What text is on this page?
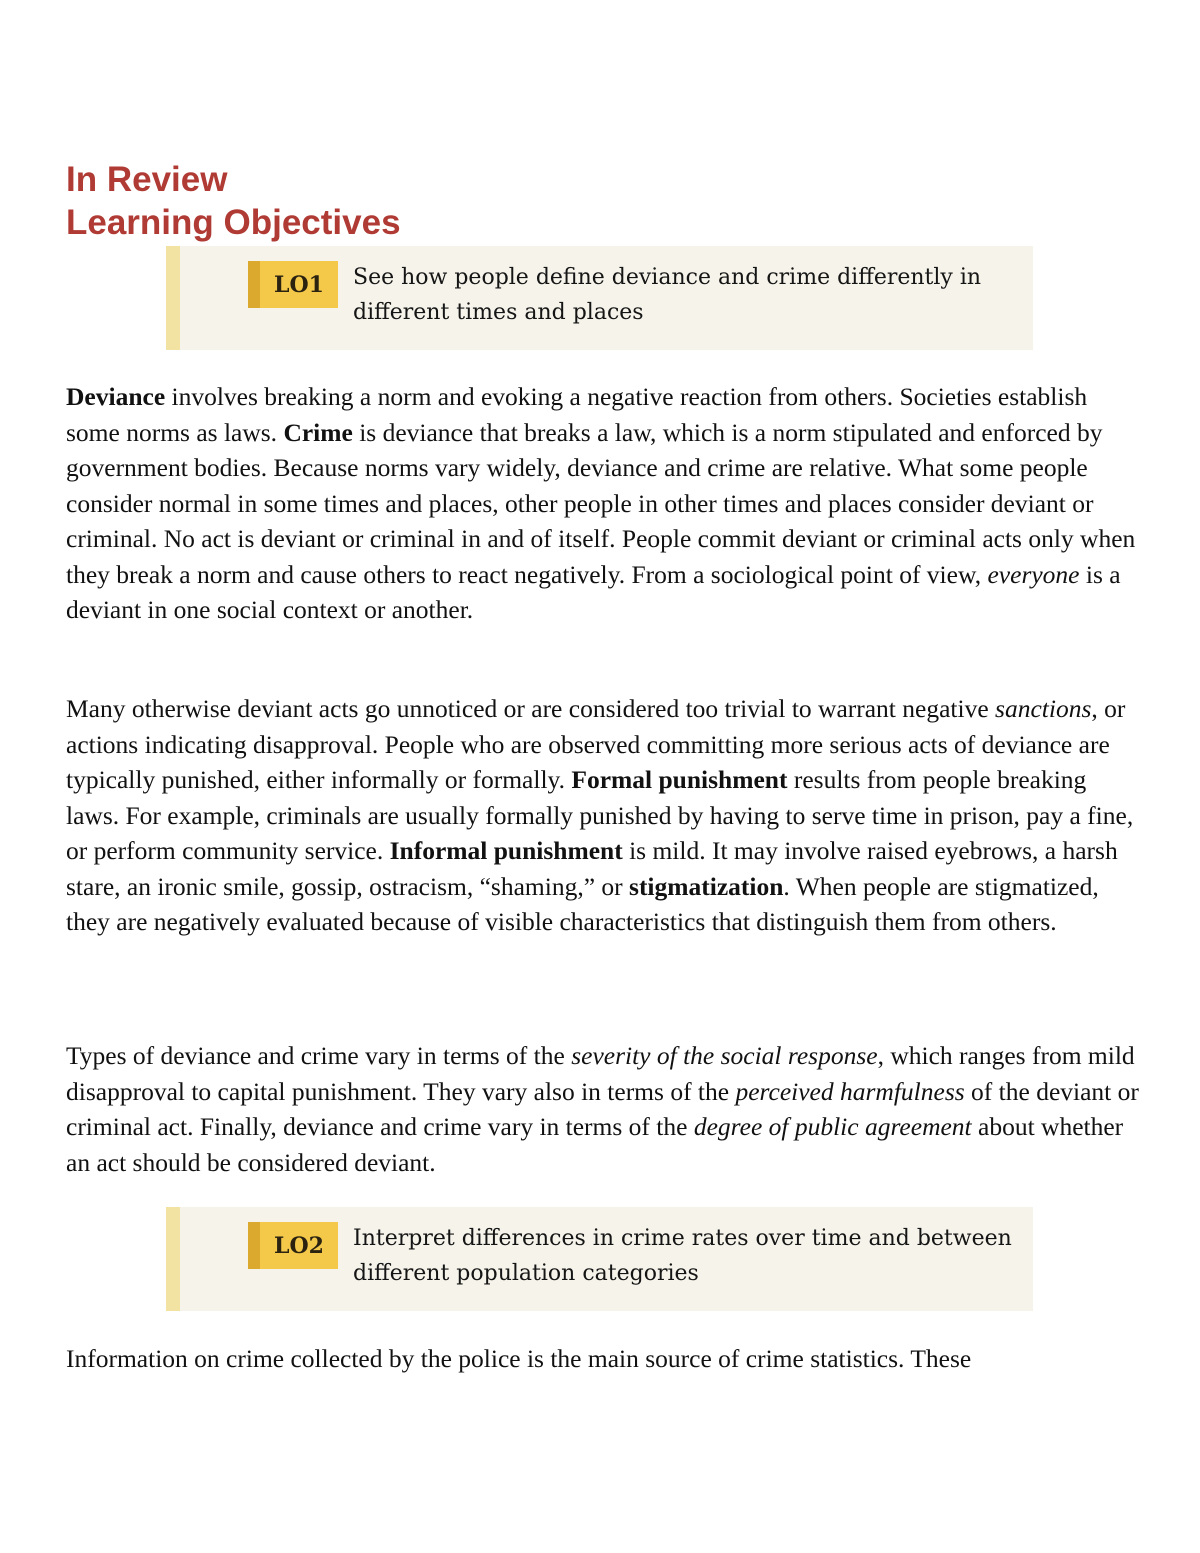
In Review
Learning Objectives
LO1	See how people define deviance and crime differently in different times and places

Deviance involves breaking a norm and evoking a negative reaction from others. Societies establish some norms as laws. Crime is deviance that breaks a law, which is a norm stipulated and enforced by government bodies. Because norms vary widely, deviance and crime are relative. What some people consider normal in some times and places, other people in other times and places consider deviant or criminal. No act is deviant or criminal in and of itself. People commit deviant or criminal acts only when they break a norm and cause others to react negatively. From a sociological point of view, everyone is a deviant in one social context or another.

Many otherwise deviant acts go unnoticed or are considered too trivial to warrant negative sanctions, or actions indicating disapproval. People who are observed committing more serious acts of deviance are typically punished, either informally or formally. Formal punishment results from people breaking laws. For example, criminals are usually formally punished by having to serve time in prison, pay a fine, or perform community service. Informal punishment is mild. It may involve raised eyebrows, a harsh stare, an ironic smile, gossip, ostracism, “shaming,” or stigmatization. When people are stigmatized, they are negatively evaluated because of visible characteristics that distinguish them from others.

Types of deviance and crime vary in terms of the severity of the social response, which ranges from mild disapproval to capital punishment. They vary also in terms of the perceived harmfulness of the deviant or criminal act. Finally, deviance and crime vary in terms of the degree of public agreement about whether an act should be considered deviant.

LO2	Interpret differences in crime rates over time and between different population categories

Information on crime collected by the police is the main source of crime statistics. These
